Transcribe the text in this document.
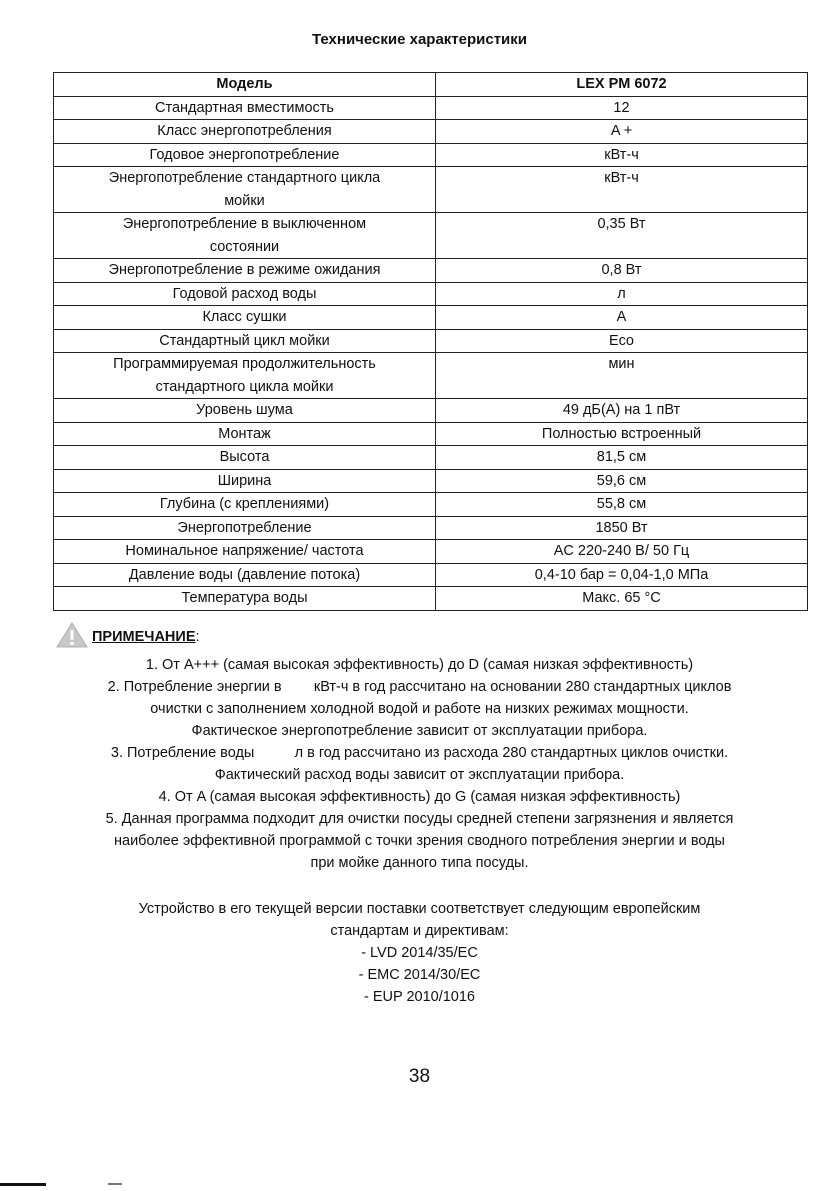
Технические характеристики
Модель	LEX PM 6072

Стандартная вместимость	12

Класс энергопотребления	A +

Годовое энергопотребление	кВт-ч

Энергопотребление стандартного цикла
мойки	кВт-ч

Энергопотребление в выключенном
состоянии	0,35 Вт

Энергопотребление в режиме ожидания	0,8 Вт

Годовой расход воды	л

Класс сушки	A

Стандартный цикл мойки	Eco

Программируемая продолжительность
стандартного цикла мойки	мин

Уровень шума	49 дБ(А) на 1 пВт

Монтаж	Полностью встроенный

Высота	81,5 см

Ширина	59,6 см

Глубина (с креплениями)	55,8 см

Энергопотребление	1850 Вт

Номинальное напряжение/ частота	AC 220-240 В/ 50 Гц

Давление воды (давление потока)	0,4-10 бар = 0,04-1,0 МПа

Температура воды	Макс. 65 °С
ПРИМЕЧАНИЕ :

1. От A+++ (самая высокая эффективность) до D (самая низкая эффективность)

2. Потребление энергии в        кВт-ч в год рассчитано на основании 280 стандартных циклов

очистки с заполнением холодной водой и работе на низких режимах мощности.

Фактическое энергопотребление зависит от эксплуатации прибора.

3. Потребление воды          л в год рассчитано из расхода 280 стандартных циклов очистки.

Фактический расход воды зависит от эксплуатации прибора.

4. От A (самая высокая эффективность) до G (самая низкая эффективность)

5. Данная программа подходит для очистки посуды средней степени загрязнения и является

наиболее эффективной программой с точки зрения сводного потребления энергии и воды

при мойке данного типа посуды.

Устройство в его текущей версии поставки соответствует следующим европейским

стандартам и директивам:

- LVD 2014/35/EC

- EMC 2014/30/EC

- EUP 2010/1016

38
